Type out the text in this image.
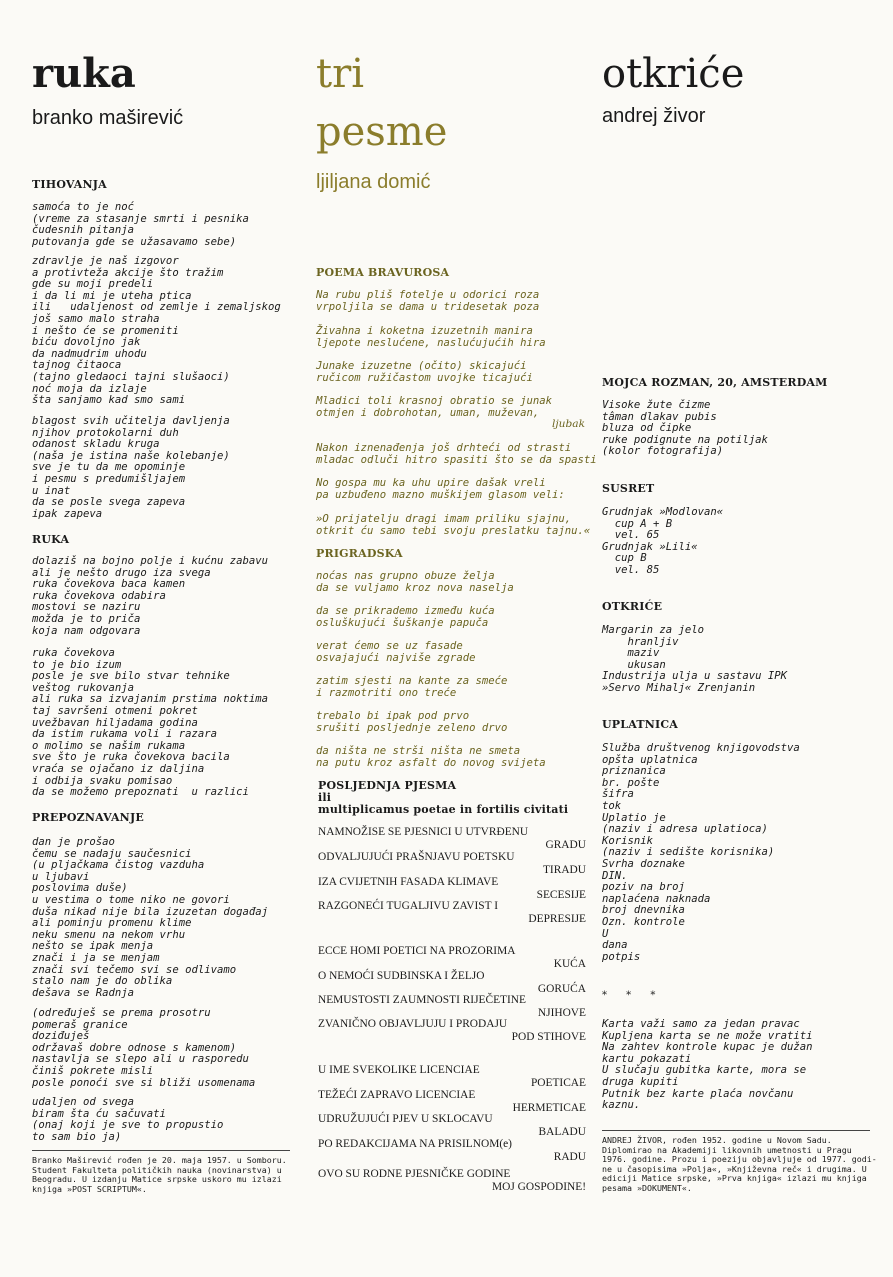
ruka
branko maširević
TIHOVANJA
samoća to je noć
(vreme za stasanje smrti i pesnika
čudesnih pitanja
putovanja gde se užasavamo sebe)
zdravlje je naš izgovor
a protivteža akcije što tražim
gde su moji predeli
i da li mi je uteha ptica
ili   udaljenost od zemlje i zemaljskog
još samo malo straha
i nešto će se promeniti
biću dovoljno jak
da nadmudrim uhodu
tajnog čitaoca
(tajno gledaoci tajni slušaoci)
noć moja da izlaje
šta sanjamo kad smo sami
blagost svih učitelja davljenja
njihov protokolarni duh
odanost skladu kruga
(naša je istina naše kolebanje)
sve je tu da me opominje
i pesmu s predumišljajem
u inat
da se posle svega zapeva
ipak zapeva
RUKA
dolaziš na bojno polje i kućnu zabavu
ali je nešto drugo iza svega
ruka čovekova baca kamen
ruka čovekova odabira
mostovi se naziru
možda je to priča
koja nam odgovara
ruka čovekova
to je bio izum
posle je sve bilo stvar tehnike
veštog rukovanja
ali ruka sa izvajanim prstima noktima
taj savršeni otmeni pokret
uvežbavan hiljadama godina
da istim rukama voli i razara
o molimo se našim rukama
sve što je ruka čovekova bacila
vraća se ojačano iz daljina
i odbija svaku pomisao
da se možemo prepoznati  u razlici
PREPOZNAVANJE
dan je prošao
čemu se nadaju saučesnici
(u pljačkama čistog vazduha
u ljubavi
poslovima duše)
u vestima o tome niko ne govori
duša nikad nije bila izuzetan događaj
ali pominju promenu klime
neku smenu na nekom vrhu
nešto se ipak menja
znači i ja se menjam
znači svi tečemo svi se odlivamo
stalo nam je do oblika
dešava se Radnja
(određuješ se prema prosotru
pomeraš granice
doziđuješ
održavaš dobre odnose s kamenom)
nastavlja se slepo ali u rasporedu
činiš pokrete misli
posle ponoći sve si bliži usomenama
udaljen od svega
biram šta ću sačuvati
(onaj koji je sve to propustio
to sam bio ja)
Branko Maširević rođen je 20. maja 1957. u Somboru.
Student Fakulteta političkih nauka (novinarstva) u
Beogradu. U izdanju Matice srpske uskoro mu izlazi
knjiga »POST SCRIPTUM«.
tri
pesme
ljiljana domić
POEMA BRAVUROSA
Na rubu pliš fotelje u odorici roza
vrpoljila se dama u tridesetak poza
Živahna i koketna izuzetnih manira
ljepote neslućene, naslućujućih hira
Junake izuzetne (očito) skicajući
ručicom ružičastom uvojke ticajući
Mladici toli krasnoj obratio se junak
otmjen i dobrohotan, uman, muževan,
ljubak
Nakon iznenađenja još drhteći od strasti
mladac odluči hitro spasiti što se da spasti
No gospa mu ka uhu upire dašak vreli
pa uzbuđeno mazno muškijem glasom veli:
»O prijatelju dragi imam priliku sjajnu,
otkrit ću samo tebi svoju preslatku tajnu.«
PRIGRADSKA
noćas nas grupno obuze želja
da se vuljamo kroz nova naselja
da se prikrademo između kuća
osluškujući šuškanje papuča
verat ćemo se uz fasade
osvajajući najviše zgrade
zatim sjesti na kante za smeće
i razmotriti ono treće
trebalo bi ipak pod prvo
srušiti posljednje zeleno drvo
da ništa ne strši ništa ne smeta
na putu kroz asfalt do novog svijeta
POSLJEDNJA PJESMA
ili
multiplicamus poetae in fortilis civitati
NAMNOŽISE SE PJESNICI U UTVRĐENU
GRADU
ODVALJUJUĆI PRAŠNJAVU POETSKU
TIRADU
IZA CVIJETNIH FASADA KLIMAVE
SECESIJE
RAZGONEĆI TUGALJIVU ZAVIST I
DEPRESIJE
ECCE HOMI POETICI NA PROZORIMA
KUĆA
O NEMOĆI SUDBINSKA I ŽELJO
GORUĆA
NEMUSTOSTI ZAUMNOSTI RIJEČETINE
NJIHOVE
ZVANIČNO OBJAVLJUJU I PRODAJU
POD STIHOVE
U IME SVEKOLIKE LICENCIAE
POETICAE
TEŽEĆI ZAPRAVO LICENCIAE
HERMETICAE
UDRUŽUJUĆI PJEV U SKLOCAVU
BALADU
PO REDAKCIJAMA NA PRISILNOM(e)
RADU
OVO SU RODNE PJESNIČKE GODINE
MOJ GOSPODINE!
otkriće
andrej živor
MOJCA ROZMAN, 20, AMSTERDAM
Visoke žute čizme
tâman dlakav pubis
bluza od čipke
ruke podignute na potiljak
(kolor fotografija)
SUSRET
Grudnjak »Modlovan«
cup A + B
vel. 65
Grudnjak »Lili«
cup B
vel. 85
OTKRIĆE
Margarin za jelo
hranljiv
maziv
ukusan
Industrija ulja u sastavu IPK
»Servo Mihalj« Zrenjanin
UPLATNICA
Služba društvenog knjigovodstva
opšta uplatnica
priznanica
br. pošte
šifra
tok
Uplatio je
(naziv i adresa uplatioca)
Korisnik
(naziv i sedište korisnika)
Svrha doznake
DIN.
poziv na broj
naplaćena naknada
broj dnevnika
Ozn. kontrole
U
dana
potpis
* * *
Karta važi samo za jedan pravac
Kupljena karta se ne može vratiti
Na zahtev kontrole kupac je dužan
kartu pokazati
U slučaju gubitka karte, mora se
druga kupiti
Putnik bez karte plaća novčanu
kaznu.
ANDREJ ŽIVOR, rođen 1952. godine u Novom Sadu.
Diplomirao na Akademiji likovnih umetnosti u Pragu
1976. godine. Prozu i poeziju objavljuje od 1977. godi-
ne u časopisima »Polja«, »Književna reč« i drugima. U
ediciji Matice srpske, »Prva knjiga« izlazi mu knjiga
pesama »DOKUMENT«.
